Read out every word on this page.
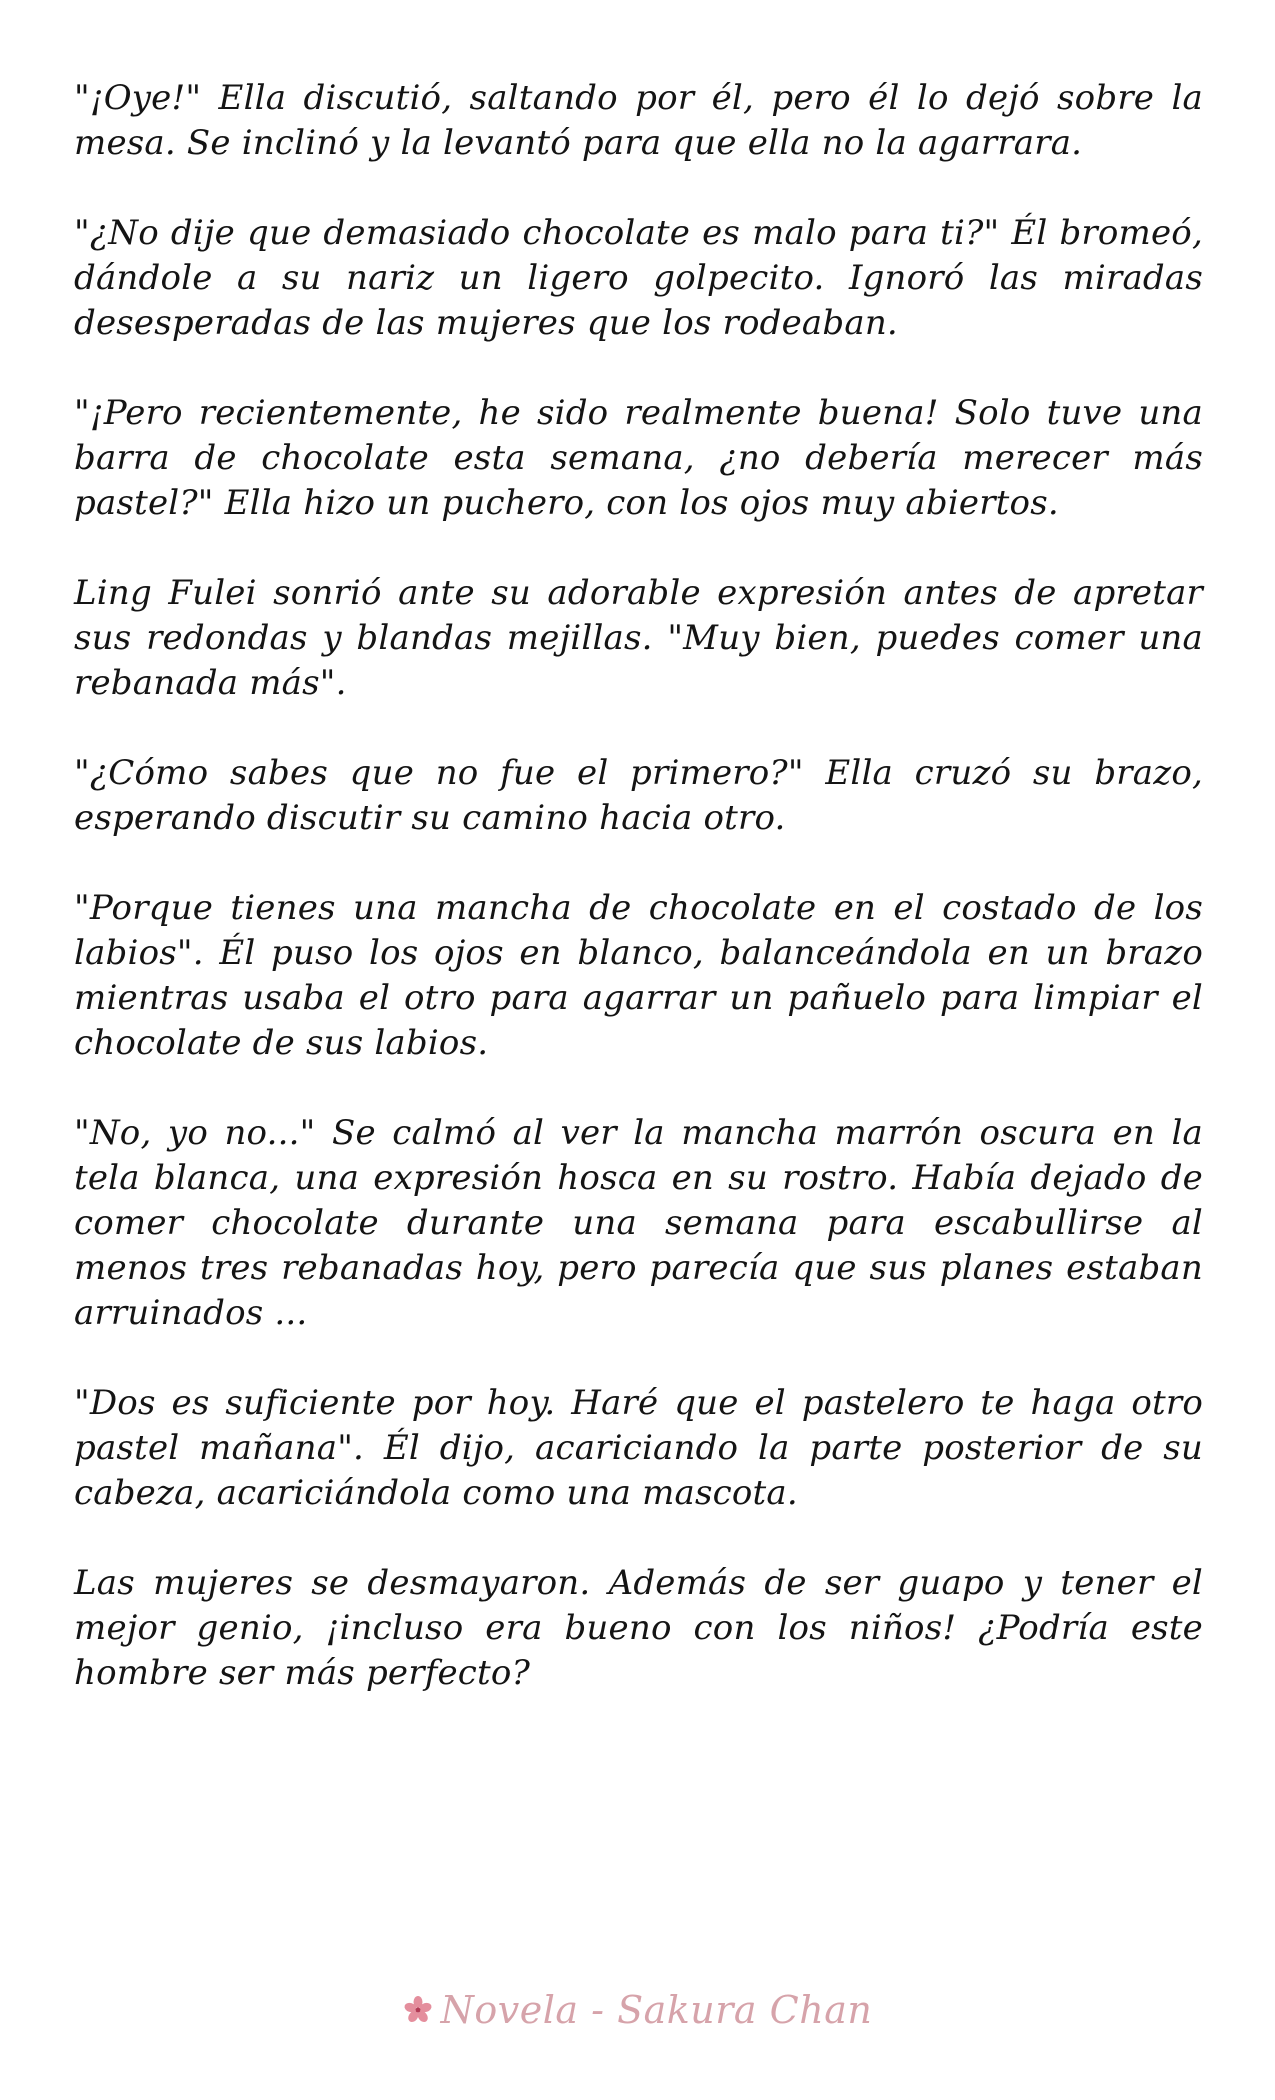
"¡Oye!" Ella discutió, saltando por él, pero él lo dejó sobre la mesa. Se inclinó y la levantó para que ella no la agarrara.

"¿No dije que demasiado chocolate es malo para ti?" Él bromeó, dándole a su nariz un ligero golpecito. Ignoró las miradas desesperadas de las mujeres que los rodeaban.

"¡Pero recientemente, he sido realmente buena! Solo tuve una barra de chocolate esta semana, ¿no debería merecer más pastel?" Ella hizo un puchero, con los ojos muy abiertos.

Ling Fulei sonrió ante su adorable expresión antes de apretar sus redondas y blandas mejillas. "Muy bien, puedes comer una rebanada más".

"¿Cómo sabes que no fue el primero?" Ella cruzó su brazo, esperando discutir su camino hacia otro.

"Porque tienes una mancha de chocolate en el costado de los labios". Él puso los ojos en blanco, balanceándola en un brazo mientras usaba el otro para agarrar un pañuelo para limpiar el chocolate de sus labios.

"No, yo no..." Se calmó al ver la mancha marrón oscura en la tela blanca, una expresión hosca en su rostro. Había dejado de comer chocolate durante una semana para escabullirse al menos tres rebanadas hoy, pero parecía que sus planes estaban arruinados ...

"Dos es suficiente por hoy. Haré que el pastelero te haga otro pastel mañana". Él dijo, acariciando la parte posterior de su cabeza, acariciándola como una mascota.

Las mujeres se desmayaron. Además de ser guapo y tener el mejor genio, ¡incluso era bueno con los niños! ¿Podría este hombre ser más perfecto?

Novela - Sakura Chan
